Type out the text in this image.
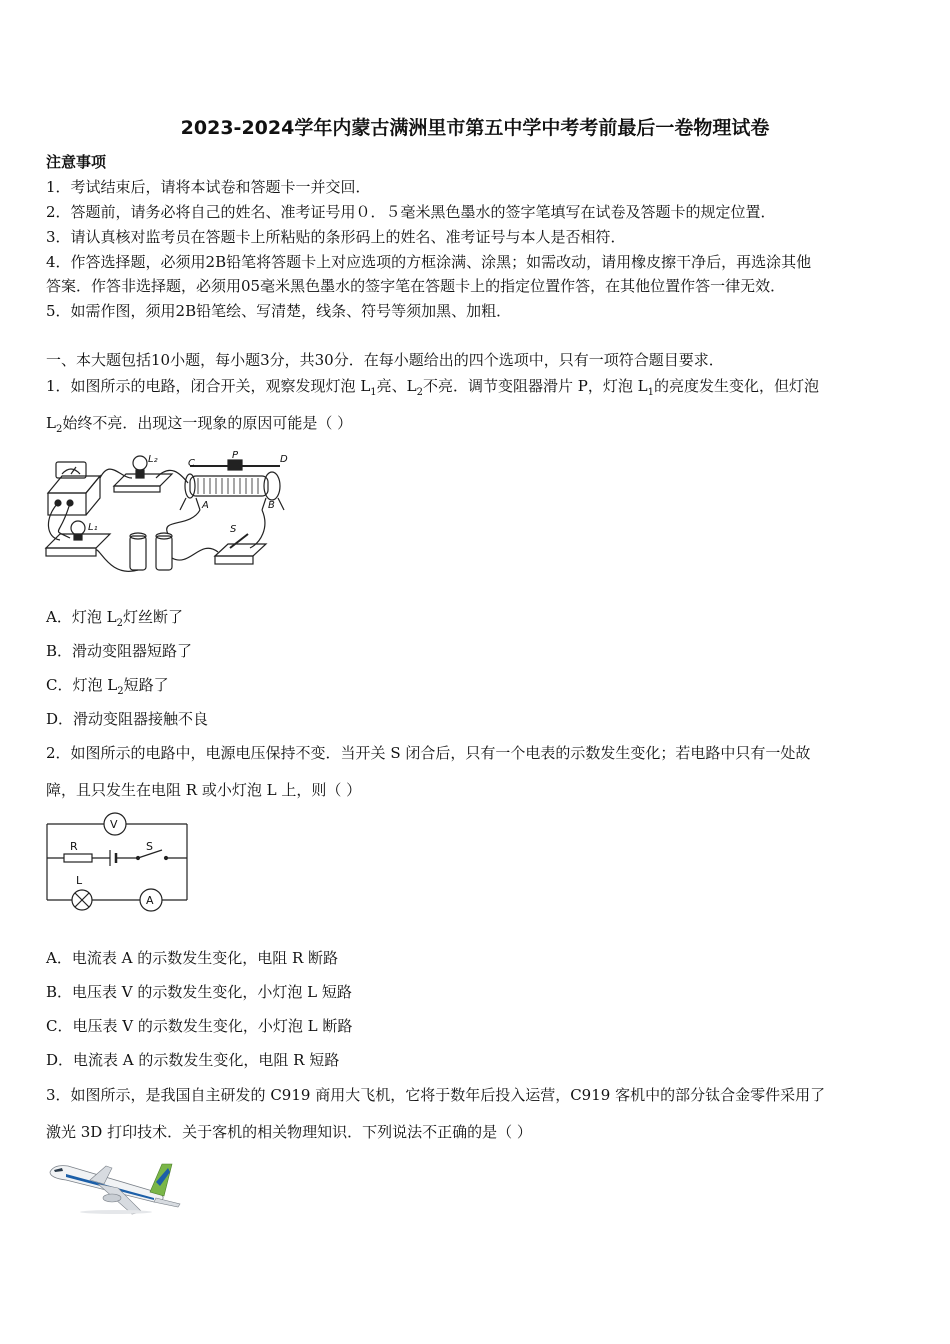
2023-2024学年内蒙古满洲里市第五中学中考考前最后一卷物理试卷
注意事项
1．考试结束后，请将本试卷和答题卡一并交回．
2．答题前，请务必将自己的姓名、准考证号用０．５毫米黑色墨水的签字笔填写在试卷及答题卡的规定位置．
3．请认真核对监考员在答题卡上所粘贴的条形码上的姓名、准考证号与本人是否相符．
4．作答选择题，必须用2B铅笔将答题卡上对应选项的方框涂满、涂黑；如需改动，请用橡皮擦干净后，再选涂其他
答案．作答非选择题，必须用05毫米黑色墨水的签字笔在答题卡上的指定位置作答，在其他位置作答一律无效．
5．如需作图，须用2B铅笔绘、写清楚，线条、符号等须加黑、加粗．
一、本大题包括10小题，每小题3分，共30分．在每小题给出的四个选项中，只有一项符合题目要求．
1．如图所示的电路，闭合开关，观察发现灯泡 $L_1$亮、$L_2$不亮．调节变阻器滑片 P，灯泡 $L_1$的亮度发生变化，但灯泡
$L_2$始终不亮．出现这一现象的原因可能是（ ）
L₁
L₂	C
P	D
A	B
S
A．灯泡 $L_2$灯丝断了
B．滑动变阻器短路了
C．灯泡 $L_2$短路了
D．滑动变阻器接触不良
2．如图所示的电路中，电源电压保持不变．当开关 S 闭合后，只有一个电表的示数发生变化；若电路中只有一处故
障，且只发生在电阻 R 或小灯泡 L 上，则（ ）
V
R	S
L
A
A．电流表 A 的示数发生变化，电阻 R 断路
B．电压表 V 的示数发生变化，小灯泡 L 短路
C．电压表 V 的示数发生变化，小灯泡 L 断路
D．电流表 A 的示数发生变化，电阻 R 短路
3．如图所示，是我国自主研发的 C919 商用大飞机，它将于数年后投入运营，C919 客机中的部分钛合金零件采用了
激光 3D 打印技术．关于客机的相关物理知识．下列说法不正确的是（ ）
